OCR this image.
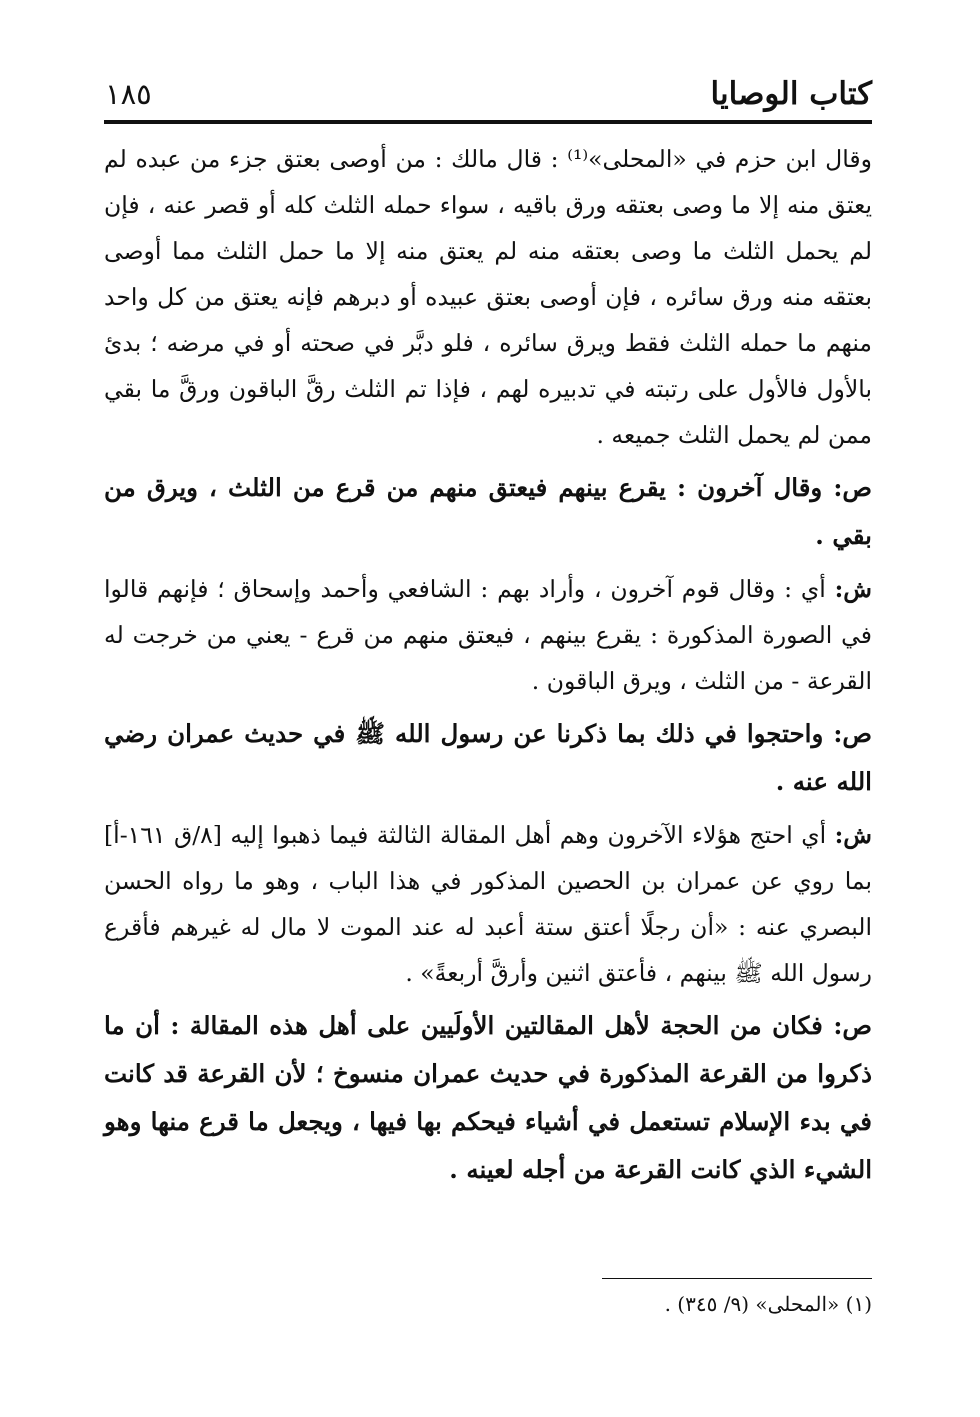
١٨٥	كتاب الوصايا

وقال ابن حزم في «المحلى»⁽¹⁾ : قال مالك : من أوصى بعتق جزء من عبده لم يعتق منه إلا ما وصى بعتقه ورق باقيه ، سواء حمله الثلث كله أو قصر عنه ، فإن لم يحمل الثلث ما وصى بعتقه منه لم يعتق منه إلا ما حمل الثلث مما أوصى بعتقه منه ورق سائره ، فإن أوصى بعتق عبيده أو دبرهم فإنه يعتق من كل واحد منهم ما حمله الثلث فقط ويرق سائره ، فلو دبَّر في صحته أو في مرضه ؛ بدئ بالأول فالأول على رتبته في تدبيره لهم ، فإذا تم الثلث رقَّ الباقون ورقَّ ما بقي ممن لم يحمل الثلث جميعه .

ص: وقال آخرون : يقرع بينهم فيعتق منهم من قرع من الثلث ، ويرق من بقي .

ش: أي : وقال قوم آخرون ، وأراد بهم : الشافعي وأحمد وإسحاق ؛ فإنهم قالوا في الصورة المذكورة : يقرع بينهم ، فيعتق منهم من قرع - يعني من خرجت له القرعة - من الثلث ، ويرق الباقون .

ص: واحتجوا في ذلك بما ذكرنا عن رسول الله ﷺ في حديث عمران رضي الله عنه .

ش: أي احتج هؤلاء الآخرون وهم أهل المقالة الثالثة فيما ذهبوا إليه [٨/ق ١٦١-أ] بما روي عن عمران بن الحصين المذكور في هذا الباب ، وهو ما رواه الحسن البصري عنه : «أن رجلًا أعتق ستة أعبد له عند الموت لا مال له غيرهم فأقرع رسول الله ﷺ بينهم ، فأعتق اثنين وأرقَّ أربعةً» .

ص: فكان من الحجة لأهل المقالتين الأولَيين على أهل هذه المقالة : أن ما ذكروا من القرعة المذكورة في حديث عمران منسوخ ؛ لأن القرعة قد كانت في بدء الإسلام تستعمل في أشياء فيحكم بها فيها ، ويجعل ما قرع منها وهو الشيء الذي كانت القرعة من أجله لعينه .

(١) «المحلى» (٩/ ٣٤٥) .
